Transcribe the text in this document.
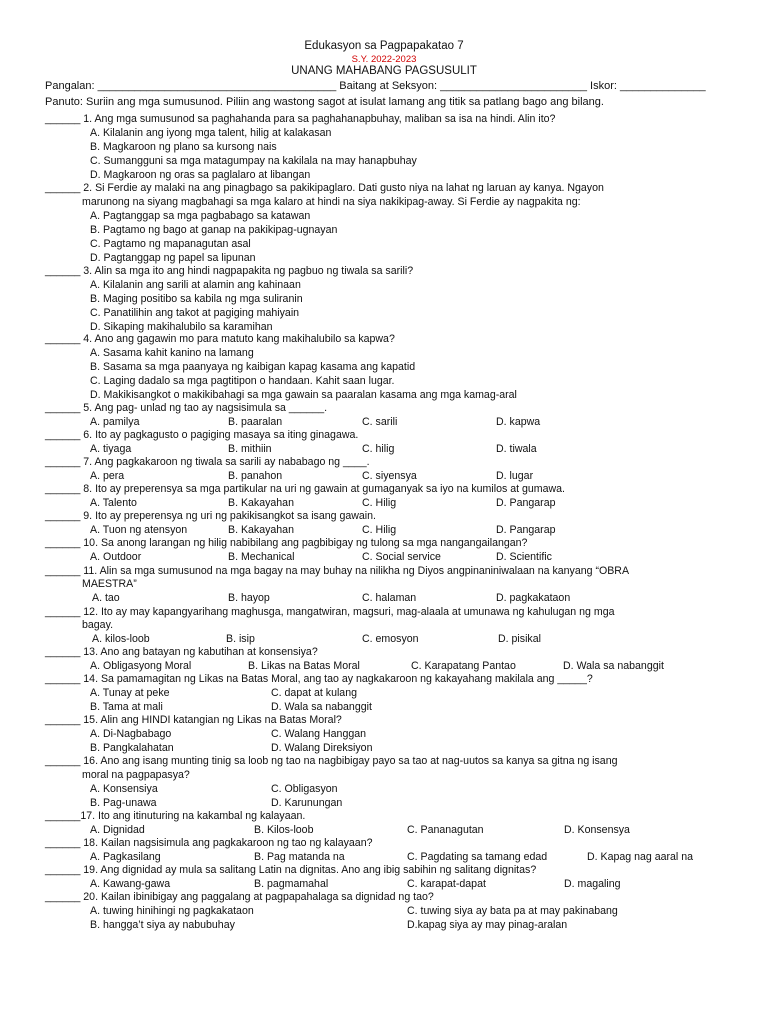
Edukasyon sa Pagpapakatao 7
S.Y. 2022-2023
UNANG MAHABANG PAGSUSULIT
Pangalan: _______________________________________ Baitang at Seksyon: ________________________ Iskor: ______________
Panuto: Suriin ang mga sumusunod. Piliin ang wastong sagot at isulat lamang ang titik sa patlang bago ang bilang.
______ 1. Ang mga sumusunod sa paghahanda para sa paghahanapbuhay, maliban sa isa na hindi. Alin ito?
A. Kilalanin ang iyong mga talent, hilig at kalakasan
B. Magkaroon ng plano sa kursong nais
C. Sumangguni sa mga matagumpay na kakilala na may hanapbuhay
D. Magkaroon ng oras sa paglalaro at libangan
______ 2. Si Ferdie ay malaki na ang pinagbago sa pakikipaglaro. Dati gusto niya na lahat ng laruan ay kanya. Ngayon
marunong na siyang magbahagi sa mga kalaro at hindi na siya nakikipag-away. Si Ferdie ay nagpakita ng:
A. Pagtanggap sa mga pagbabago sa katawan
B. Pagtamo ng bago at ganap na pakikipag-ugnayan
C. Pagtamo ng mapanagutan asal
D. Pagtanggap ng papel sa lipunan
______ 3. Alin sa mga ito ang hindi nagpapakita ng pagbuo ng tiwala sa sarili?
A. Kilalanin ang sarili at alamin ang kahinaan
B. Maging positibo sa kabila ng mga suliranin
C. Panatilihin ang takot at pagiging mahiyain
D. Sikaping makihalubilo sa karamihan
______ 4. Ano ang gagawin mo para matuto kang makihalubilo sa kapwa?
A. Sasama kahit kanino na lamang
B. Sasama sa mga paanyaya ng kaibigan kapag kasama ang kapatid
C. Laging dadalo sa mga pagtitipon o handaan. Kahit saan lugar.
D. Makikisangkot o makikibahagi sa mga gawain sa paaralan kasama ang mga kamag-aral
______ 5. Ang pag- unlad ng tao ay nagsisimula sa ______.
A. pamilya	B. paaralan	C. sarili	D. kapwa
______ 6. Ito ay pagkagusto o pagiging masaya sa iting ginagawa.
A. tiyaga	B. mithiin	C. hilig	D. tiwala
______ 7. Ang pagkakaroon ng tiwala sa sarili ay nababago ng ____.
A. pera	B. panahon	C. siyensya	D. lugar
______ 8. Ito ay preperensya sa mga partikular na uri ng gawain at gumaganyak sa iyo na kumilos at gumawa.
A. Talento	B. Kakayahan	C. Hilig	D. Pangarap
______ 9. Ito ay preperensya ng uri ng pakikisangkot sa isang gawain.
A. Tuon ng atensyon	B. Kakayahan	C. Hilig	D. Pangarap
______ 10. Sa anong larangan ng hilig nabibilang ang pagbibigay ng tulong sa mga nangangailangan?
A. Outdoor	B. Mechanical	C. Social service	D. Scientific
______ 11. Alin sa mga sumusunod na mga bagay na may buhay na nilikha ng Diyos angpinaniniwalaan na kanyang “OBRA
MAESTRA”
A. tao	B. hayop	C. halaman	D. pagkakataon
______ 12. Ito ay may kapangyarihang maghusga, mangatwiran, magsuri, mag-alaala at umunawa ng kahulugan ng mga
bagay.
A. kilos-loob	B. isip	C. emosyon	D. pisikal
______ 13. Ano ang batayan ng kabutihan at konsensiya?
A. Obligasyong Moral	B. Likas na Batas Moral	C. Karapatang Pantao	D. Wala sa nabanggit
______ 14. Sa pamamagitan ng Likas na Batas Moral, ang tao ay nagkakaroon ng kakayahang makilala ang _____?
A. Tunay at peke	C. dapat at kulang
B. Tama at mali	D. Wala sa nabanggit
______ 15. Alin ang HINDI katangian ng Likas na Batas Moral?
A. Di-Nagbabago	C. Walang Hanggan
B. Pangkalahatan	D. Walang Direksiyon
______ 16. Ano ang isang munting tinig sa loob ng tao na nagbibigay payo sa tao at nag-uutos sa kanya sa gitna ng isang
moral na pagpapasya?
A. Konsensiya	C. Obligasyon
B. Pag-unawa	D. Karunungan
______17. Ito ang itinuturing na kakambal ng kalayaan.
A. Dignidad	B. Kilos-loob	C. Pananagutan	D. Konsensya
______ 18. Kailan nagsisimula ang pagkakaroon ng tao ng kalayaan?
A. Pagkasilang	B. Pag matanda na	C. Pagdating sa tamang edad	D. Kapag nag aaral na
______ 19. Ang dignidad ay mula sa salitang Latin na dignitas. Ano ang ibig sabihin ng salitang dignitas?
A. Kawang-gawa	B. pagmamahal	C. karapat-dapat	D. magaling
______ 20. Kailan ibinibigay ang paggalang at pagpapahalaga sa dignidad ng tao?
A. tuwing hinihingi ng pagkakataon	C. tuwing siya ay bata pa at may pakinabang
B. hangga’t siya ay nabubuhay	D.kapag siya ay may pinag-aralan
